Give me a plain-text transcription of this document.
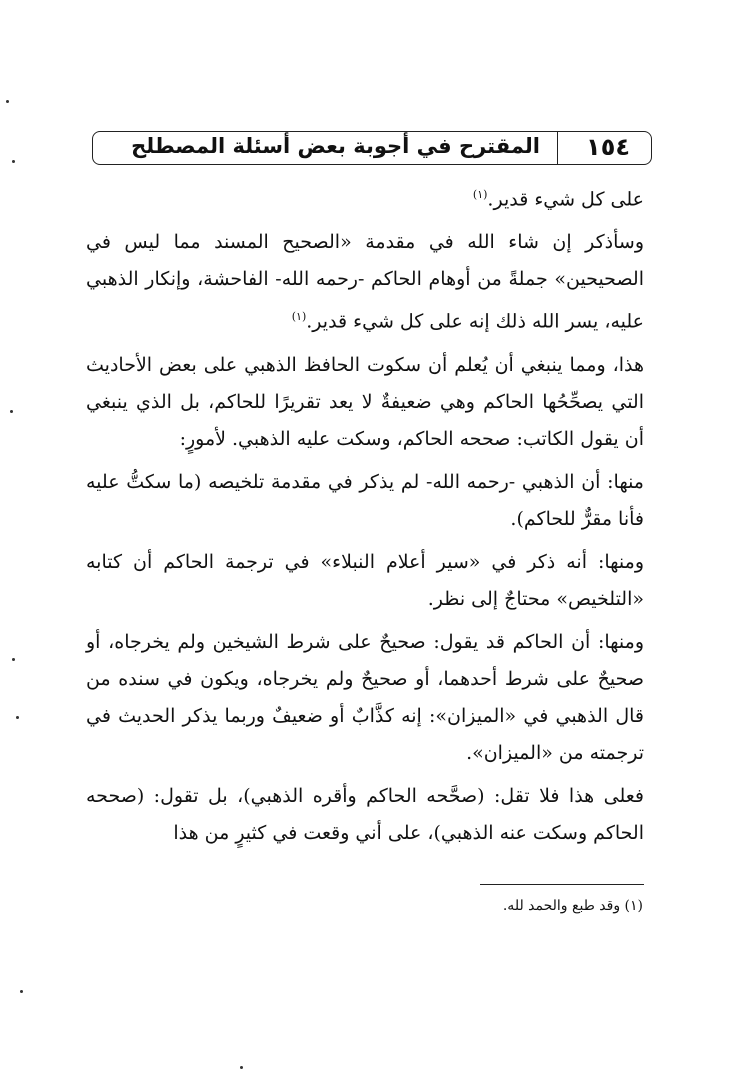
١٥٤
المقترح في أجوبة بعض أسئلة المصطلح

على كل شيء قدير.$^{(١)}$

وسأذكر إن شاء الله في مقدمة «الصحيح المسند مما ليس في الصحيحين» جملةً من أوهام الحاكم -رحمه الله- الفاحشة، وإنكار الذهبي عليه، يسر الله ذلك إنه على كل شيء قدير.$^{(١)}$

هذا، ومما ينبغي أن يُعلم أن سكوت الحافظ الذهبي على بعض الأحاديث التي يصحِّحُها الحاكم وهي ضعيفةٌ لا يعد تقريرًا للحاكم، بل الذي ينبغي أن يقول الكاتب: صححه الحاكم، وسكت عليه الذهبي. لأمورٍ:

منها: أن الذهبي -رحمه الله- لم يذكر في مقدمة تلخيصه (ما سكتُّ عليه فأنا مقرٌّ للحاكم).

ومنها: أنه ذكر في «سير أعلام النبلاء» في ترجمة الحاكم أن كتابه «التلخيص» محتاجٌ إلى نظر.

ومنها: أن الحاكم قد يقول: صحيحٌ على شرط الشيخين ولم يخرجاه، أو صحيحٌ على شرط أحدهما، أو صحيحٌ ولم يخرجاه، ويكون في سنده من قال الذهبي في «الميزان»: إنه كذَّابٌ أو ضعيفٌ وربما يذكر الحديث في ترجمته من «الميزان».

فعلى هذا فلا تقل: (صحَّحه الحاكم وأقره الذهبي)، بل تقول: (صححه الحاكم وسكت عنه الذهبي)، على أني وقعت في كثيرٍ من هذا

(١) وقد طبع والحمد لله.
